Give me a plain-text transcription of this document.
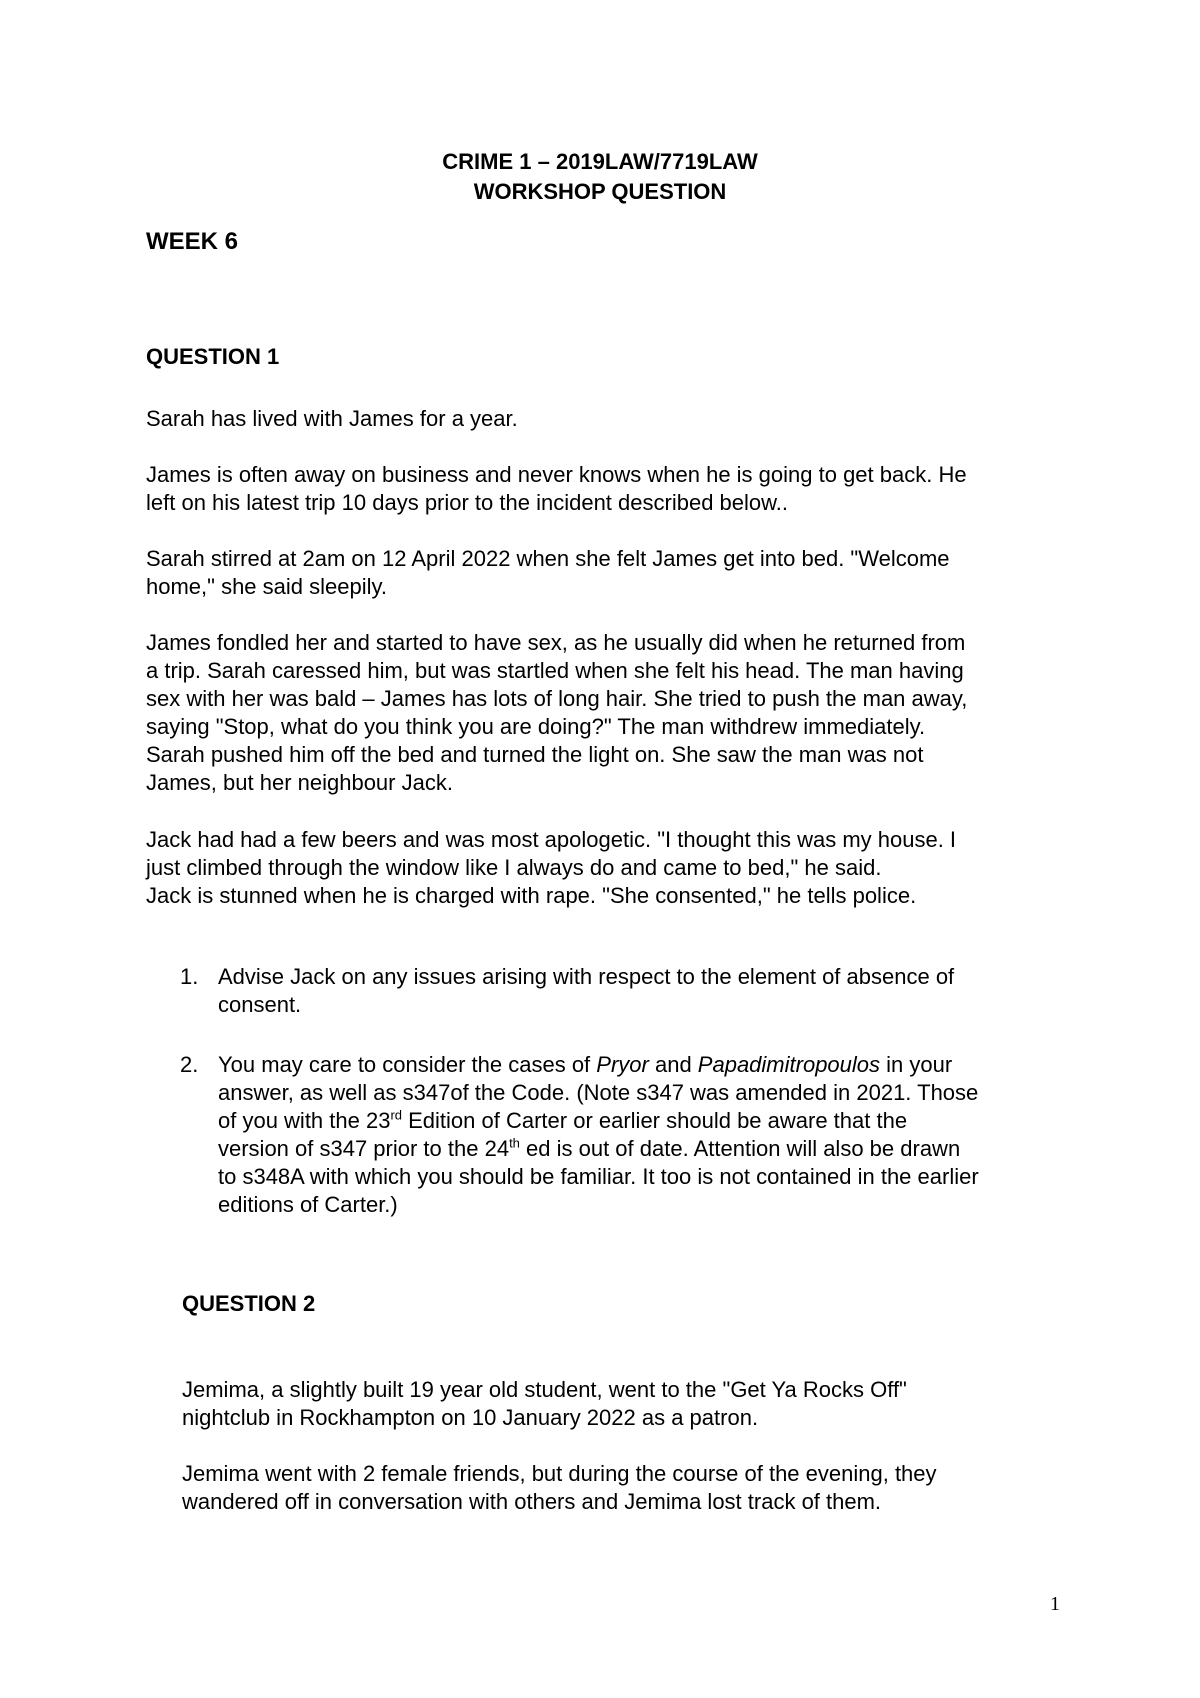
CRIME 1 – 2019LAW/7719LAW
WORKSHOP QUESTION
WEEK 6
QUESTION 1

Sarah has lived with James for a year.

James is often away on business and never knows when he is going to get back. He

left on his latest trip 10 days prior to the incident described below..

Sarah stirred at 2am on 12 April 2022 when she felt James get into bed. "Welcome

home," she said sleepily.

James fondled her and started to have sex, as he usually did when he returned from

a trip. Sarah caressed him, but was startled when she felt his head. The man having

sex with her was bald – James has lots of long hair. She tried to push the man away,

saying "Stop, what do you think you are doing?" The man withdrew immediately.

Sarah pushed him off the bed and turned the light on. She saw the man was not

James, but her neighbour Jack.

Jack had had a few beers and was most apologetic. "I thought this was my house. I

just climbed through the window like I always do and came to bed," he said.

Jack is stunned when he is charged with rape. "She consented," he tells police.

1. Advise Jack on any issues arising with respect to the element of absence of

consent.

2. You may care to consider the cases of Pryor and Papadimitropoulos in your

answer, as well as s347of the Code. (Note s347 was amended in 2021. Those

of you with the 23rd Edition of Carter or earlier should be aware that the

version of s347 prior to the 24th ed is out of date. Attention will also be drawn

to s348A with which you should be familiar. It too is not contained in the earlier

editions of Carter.)

QUESTION 2

Jemima, a slightly built 19 year old student, went to the "Get Ya Rocks Off"

nightclub in Rockhampton on 10 January 2022 as a patron.

Jemima went with 2 female friends, but during the course of the evening, they

wandered off in conversation with others and Jemima lost track of them.

1
